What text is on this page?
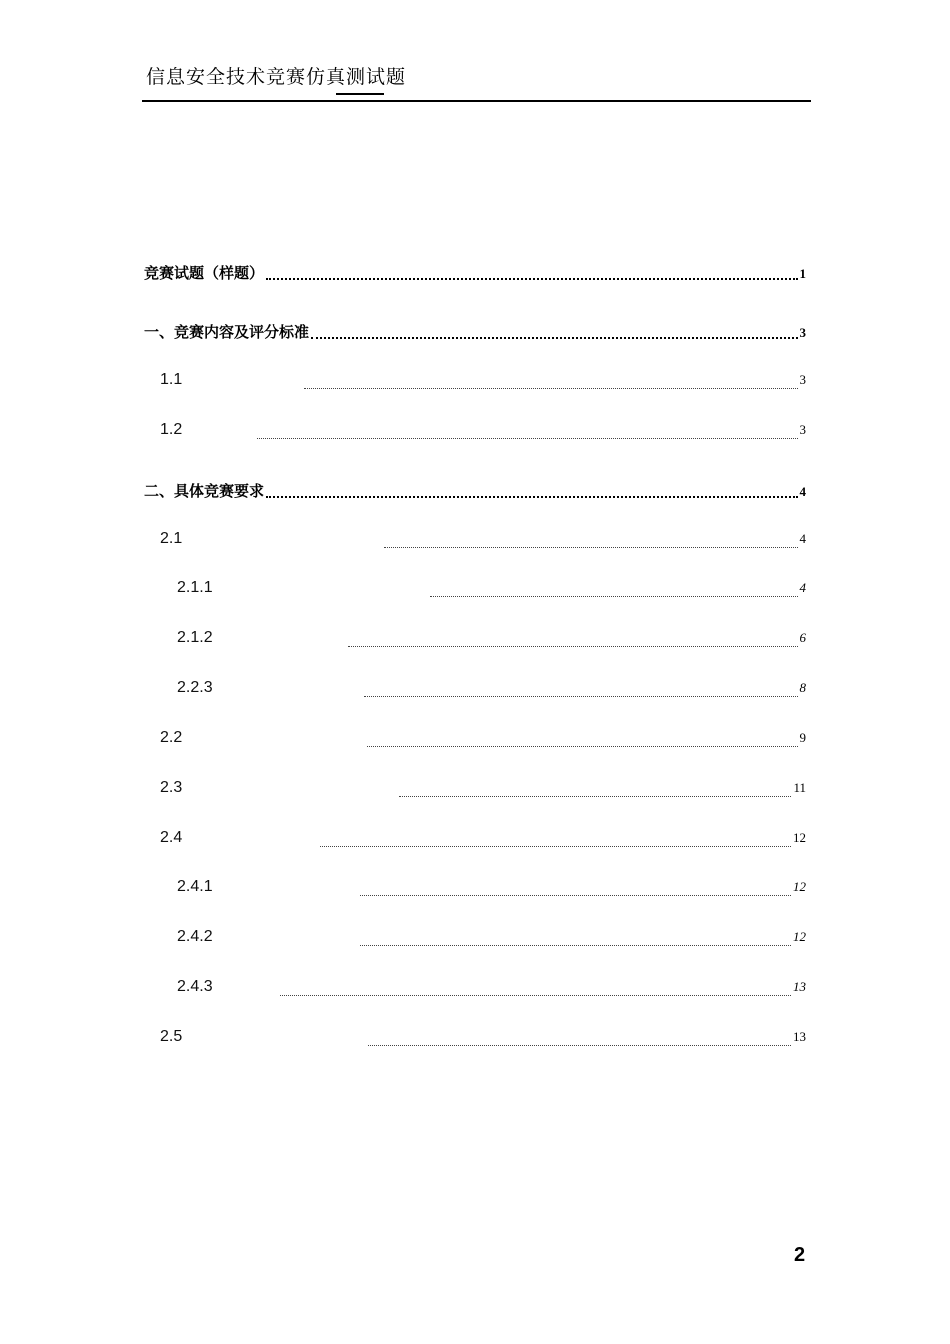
信息安全技术竞赛仿真测试题
竞赛试题（样题）	1
一、竞赛内容及评分标准	3
1.1	3
1.2	3
二、具体竞赛要求	4
2.1	4
2.1.1	4
2.1.2	6
2.2.3	8
2.2	9
2.3	11
2.4	12
2.4.1	12
2.4.2	12
2.4.3	13
2.5	13
2
